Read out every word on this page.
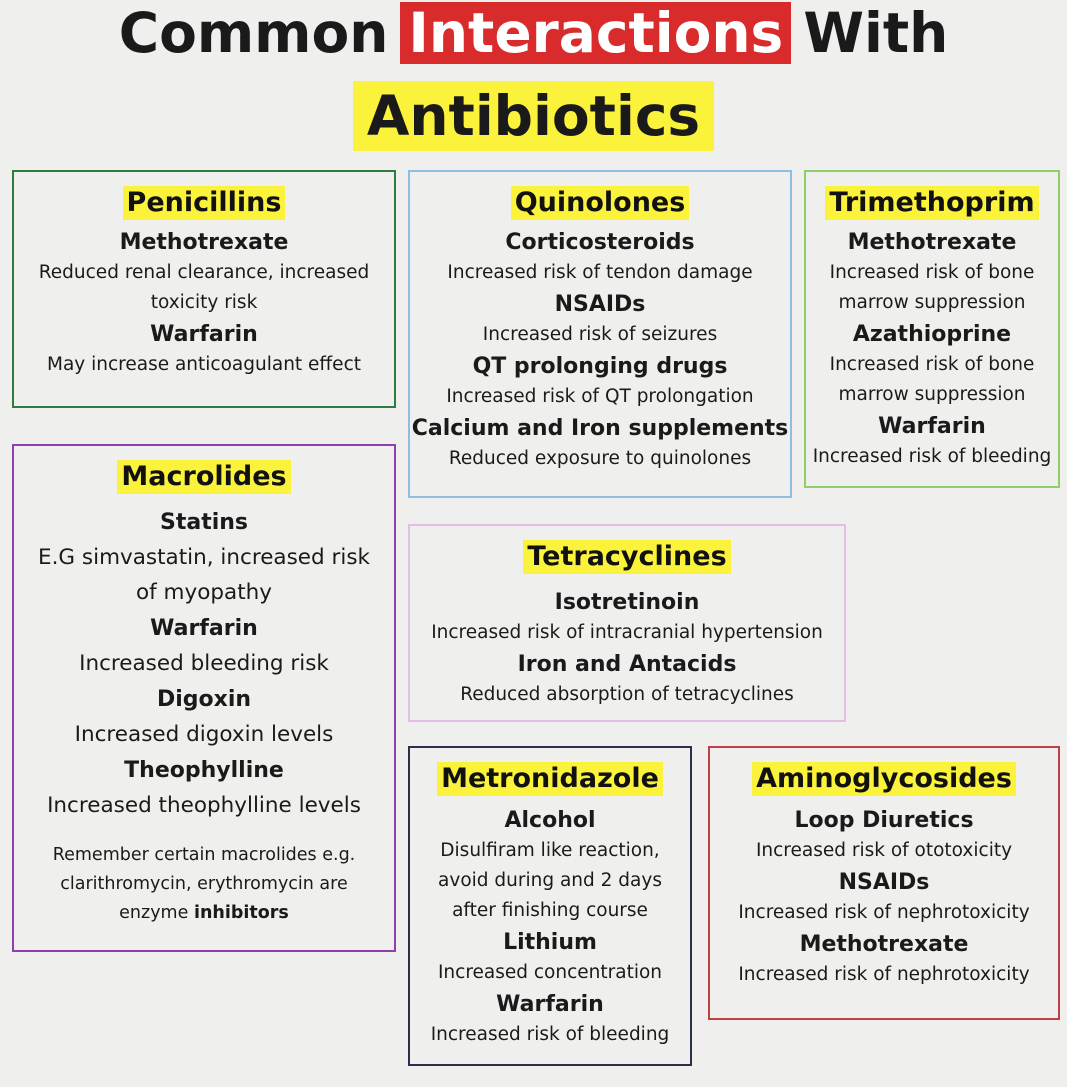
Common Interactions With
Antibiotics
Penicillins
Methotrexate
Reduced renal clearance, increased toxicity risk
Warfarin
May increase anticoagulant effect
Quinolones
Corticosteroids
Increased risk of tendon damage
NSAIDs
Increased risk of seizures
QT prolonging drugs
Increased risk of QT prolongation
Calcium and Iron supplements
Reduced exposure to quinolones
Trimethoprim
Methotrexate
Increased risk of bone marrow suppression
Azathioprine
Increased risk of bone marrow suppression
Warfarin
Increased risk of bleeding
Macrolides
Statins
E.G simvastatin, increased risk of myopathy
Warfarin
Increased bleeding risk
Digoxin
Increased digoxin levels
Theophylline
Increased theophylline levels
Remember certain macrolides e.g. clarithromycin, erythromycin are enzyme inhibitors
Tetracyclines
Isotretinoin
Increased risk of intracranial hypertension
Iron and Antacids
Reduced absorption of tetracyclines
Metronidazole
Alcohol
Disulfiram like reaction, avoid during and 2 days after finishing course
Lithium
Increased concentration
Warfarin
Increased risk of bleeding
Aminoglycosides
Loop Diuretics
Increased risk of ototoxicity
NSAIDs
Increased risk of nephrotoxicity
Methotrexate
Increased risk of nephrotoxicity
